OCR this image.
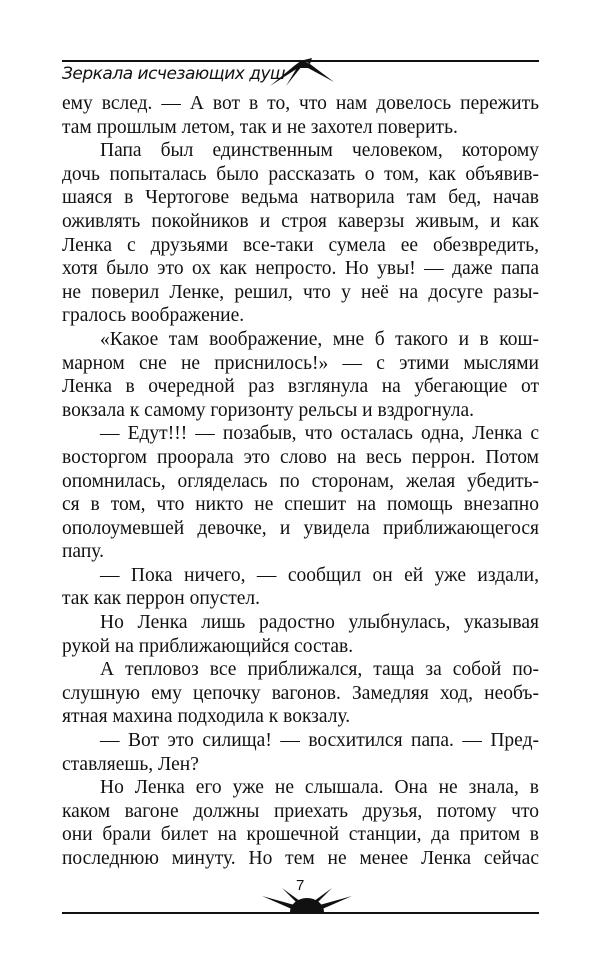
Зеркала исчезающих душ
ему вслед. — А вот в то, что нам довелось пережить
там прошлым летом, так и не захотел поверить.
Папа был единственным человеком, которому
дочь попыталась было рассказать о том, как объявив-
шаяся в Чертогове ведьма натворила там бед, начав
оживлять покойников и строя каверзы живым, и как
Ленка с друзьями все-таки сумела ее обезвредить,
хотя было это ох как непросто. Но увы! — даже папа
не поверил Ленке, решил, что у неё на досуге разы-
гралось воображение.
«Какое там воображение, мне б такого и в кош-
марном сне не приснилось!» — с этими мыслями
Ленка в очередной раз взглянула на убегающие от
вокзала к самому горизонту рельсы и вздрогнула.
— Едут!!! — позабыв, что осталась одна, Ленка с
восторгом проорала это слово на весь перрон. Потом
опомнилась, огляделась по сторонам, желая убедить-
ся в том, что никто не спешит на помощь внезапно
ополоумевшей девочке, и увидела приближающегося
папу.
— Пока ничего, — сообщил он ей уже издали,
так как перрон опустел.
Но Ленка лишь радостно улыбнулась, указывая
рукой на приближающийся состав.
А тепловоз все приближался, таща за собой по-
слушную ему цепочку вагонов. Замедляя ход, необъ-
ятная махина подходила к вокзалу.
— Вот это силища! — восхитился папа. — Пред-
ставляешь, Лен?
Но Ленка его уже не слышала. Она не знала, в
каком вагоне должны приехать друзья, потому что
они брали билет на крошечной станции, да притом в
последнюю минуту. Но тем не менее Ленка сейчас
7
